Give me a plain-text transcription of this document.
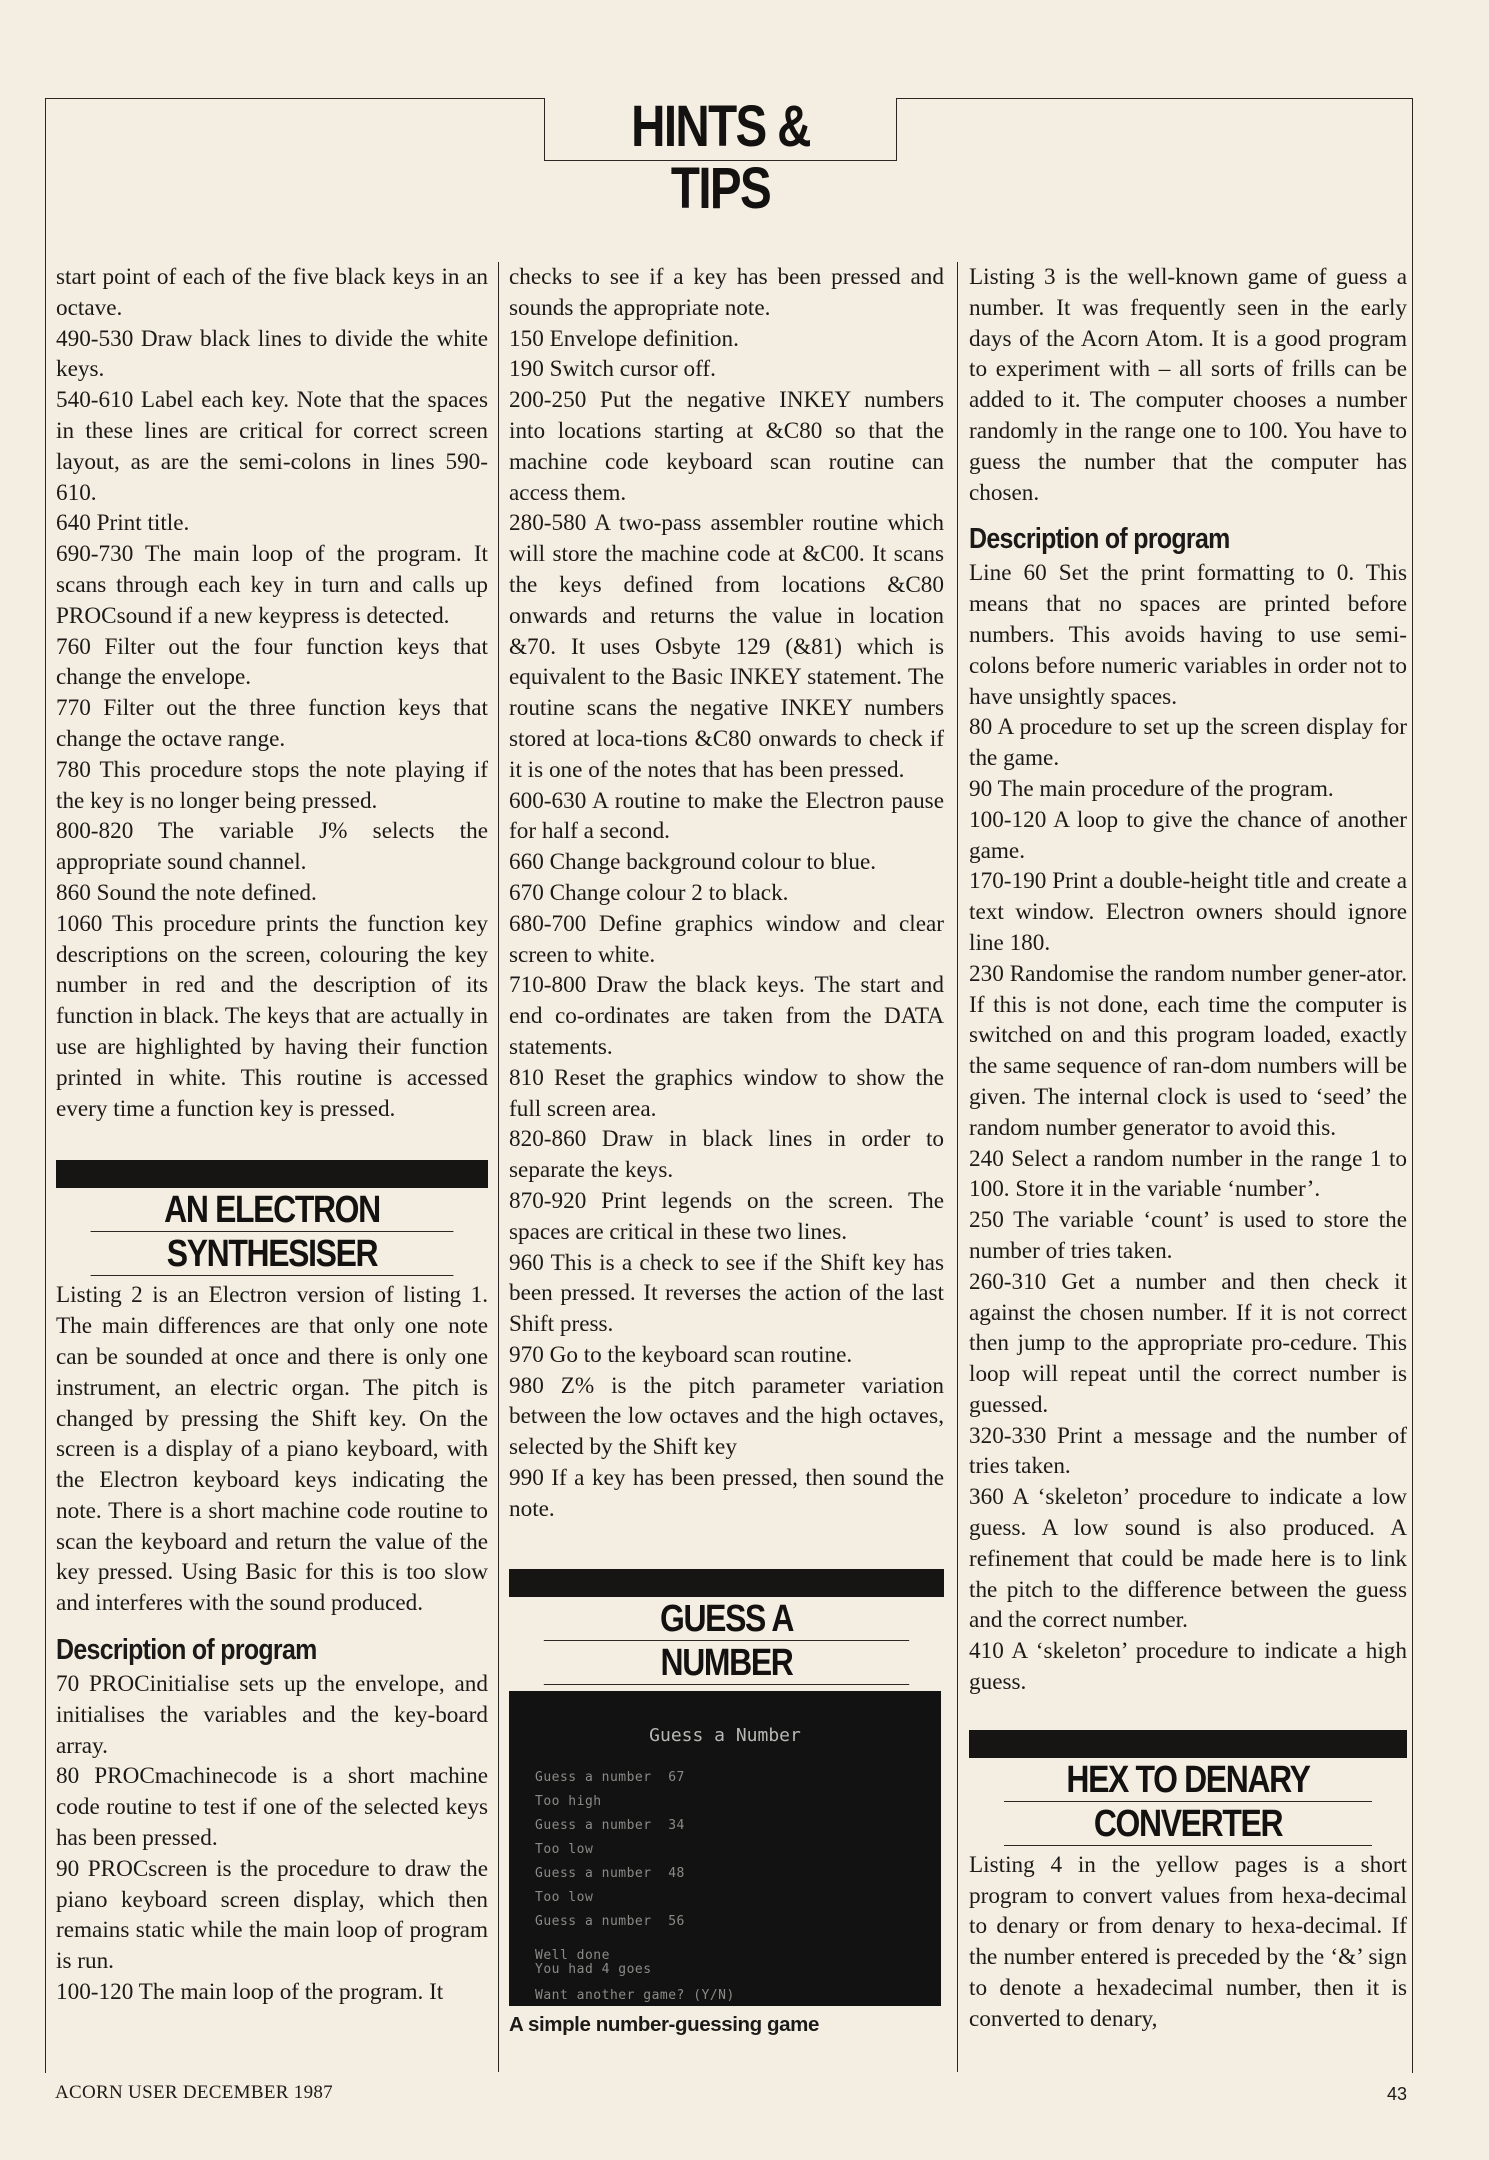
HINTS & TIPS

start point of each of the five black keys in an octave.

490-530 Draw black lines to divide the white keys.

540-610 Label each key. Note that the spaces in these lines are critical for correct screen layout, as are the semi-colons in lines 590-610.

640 Print title.

690-730 The main loop of the program. It scans through each key in turn and calls up PROCsound if a new keypress is detected.

760 Filter out the four function keys that change the envelope.

770 Filter out the three function keys that change the octave range.

780 This procedure stops the note playing if the key is no longer being pressed.

800-820 The variable J% selects the appropriate sound channel.

860 Sound the note defined.

1060 This procedure prints the function key descriptions on the screen, colouring the key number in red and the description of its function in black. The keys that are actually in use are highlighted by having their function printed in white. This routine is accessed every time a function key is pressed.

AN ELECTRON
SYNTHESISER

Listing 2 is an Electron version of listing 1. The main differences are that only one note can be sounded at once and there is only one instrument, an electric organ. The pitch is changed by pressing the Shift key. On the screen is a display of a piano keyboard, with the Electron keyboard keys indicating the note. There is a short machine code routine to scan the keyboard and return the value of the key pressed. Using Basic for this is too slow and interferes with the sound produced.

Description of program

70 PROCinitialise sets up the envelope, and initialises the variables and the key-board array.

80 PROCmachinecode is a short machine code routine to test if one of the selected keys has been pressed.

90 PROCscreen is the procedure to draw the piano keyboard screen display, which then remains static while the main loop of program is run.

100-120 The main loop of the program. It

checks to see if a key has been pressed and sounds the appropriate note.

150 Envelope definition.

190 Switch cursor off.

200-250 Put the negative INKEY numbers into locations starting at &C80 so that the machine code keyboard scan routine can access them.

280-580 A two-pass assembler routine which will store the machine code at &C00. It scans the keys defined from locations &C80 onwards and returns the value in location &70. It uses Osbyte 129 (&81) which is equivalent to the Basic INKEY statement. The routine scans the negative INKEY numbers stored at loca-tions &C80 onwards to check if it is one of the notes that has been pressed.

600-630 A routine to make the Electron pause for half a second.

660 Change background colour to blue.

670 Change colour 2 to black.

680-700 Define graphics window and clear screen to white.

710-800 Draw the black keys. The start and end co-ordinates are taken from the DATA statements.

810 Reset the graphics window to show the full screen area.

820-860 Draw in black lines in order to separate the keys.

870-920 Print legends on the screen. The spaces are critical in these two lines.

960 This is a check to see if the Shift key has been pressed. It reverses the action of the last Shift press.

970 Go to the keyboard scan routine.

980 Z% is the pitch parameter variation between the low octaves and the high octaves, selected by the Shift key

990 If a key has been pressed, then sound the note.

GUESS A
NUMBER
Guess a Number
Guess a number  67
Too high
Guess a number  34
Too low
Guess a number  48
Too low
Guess a number  56
Well done
You had 4 goes
Want another game? (Y/N)
A simple number-guessing game

Listing 3 is the well-known game of guess a number. It was frequently seen in the early days of the Acorn Atom. It is a good program to experiment with – all sorts of frills can be added to it. The computer chooses a number randomly in the range one to 100. You have to guess the number that the computer has chosen.

Description of program

Line 60 Set the print formatting to 0. This means that no spaces are printed before numbers. This avoids having to use semi-colons before numeric variables in order not to have unsightly spaces.

80 A procedure to set up the screen display for the game.

90 The main procedure of the program.

100-120 A loop to give the chance of another game.

170-190 Print a double-height title and create a text window. Electron owners should ignore line 180.

230 Randomise the random number gener-ator. If this is not done, each time the computer is switched on and this program loaded, exactly the same sequence of ran-dom numbers will be given. The internal clock is used to ‘seed’ the random number generator to avoid this.

240 Select a random number in the range 1 to 100. Store it in the variable ‘number’.

250 The variable ‘count’ is used to store the number of tries taken.

260-310 Get a number and then check it against the chosen number. If it is not correct then jump to the appropriate pro-cedure. This loop will repeat until the correct number is guessed.

320-330 Print a message and the number of tries taken.

360 A ‘skeleton’ procedure to indicate a low guess. A low sound is also produced. A refinement that could be made here is to link the pitch to the difference between the guess and the correct number.

410 A ‘skeleton’ procedure to indicate a high guess.

HEX TO DENARY
CONVERTER

Listing 4 in the yellow pages is a short program to convert values from hexa-decimal to denary or from denary to hexa-decimal. If the number entered is preceded by the ‘&’ sign to denote a hexadecimal number, then it is converted to denary,

ACORN USER DECEMBER 1987	43
